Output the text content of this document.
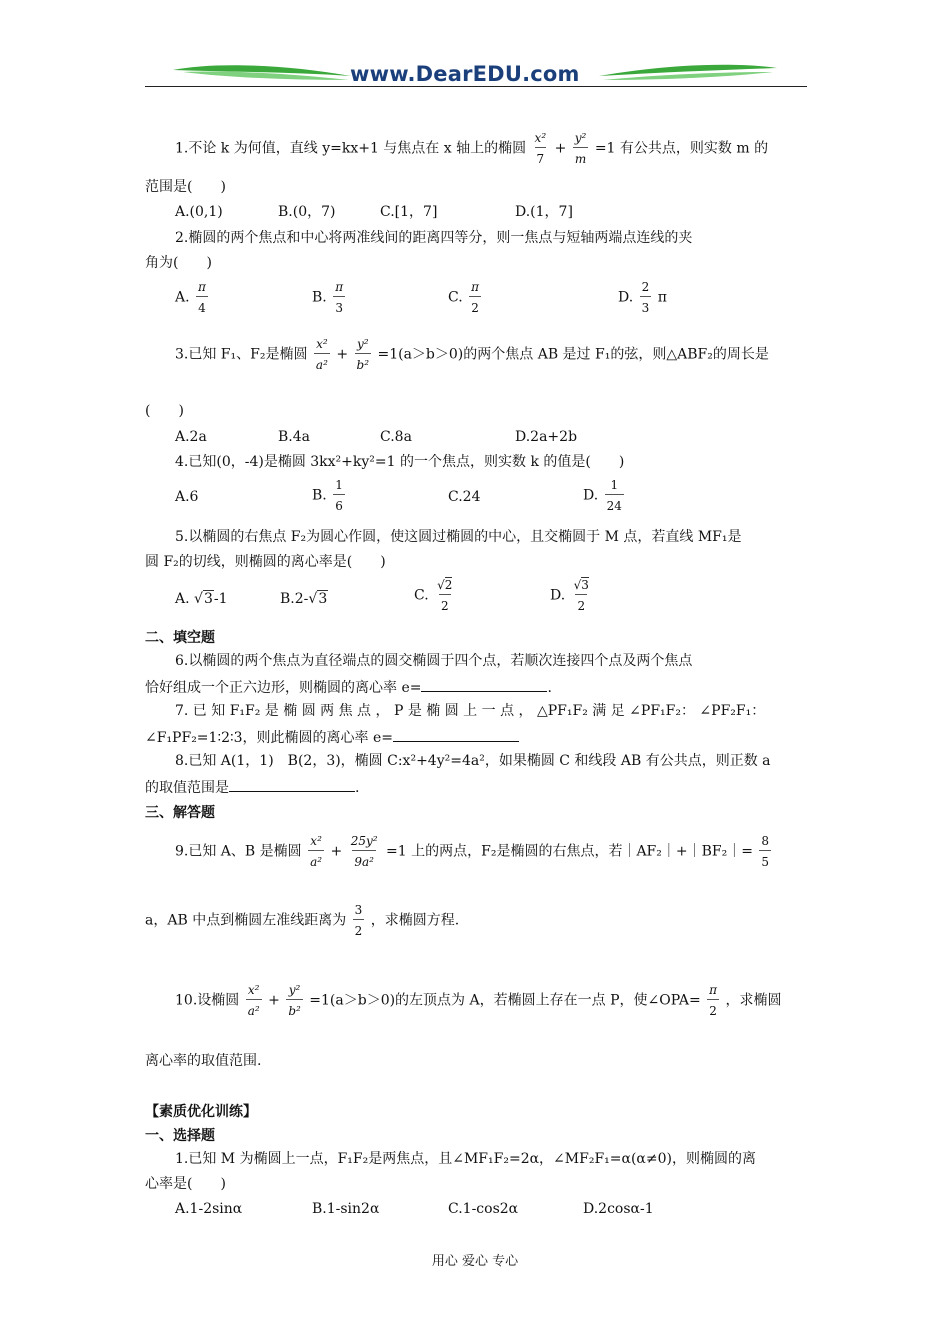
www.DearEDU.com
1.不论 k 为何值，直线 y=kx+1 与焦点在 x 轴上的椭圆 $\frac{\text{x²}}{7} + \frac{\text{y²}}{m} =1$ 有公共点，则实数 m 的
范围是(　　)
A.(0,1)	B.(0，7)	C.[1，7]	D.(1，7]
2.椭圆的两个焦点和中心将两准线间的距离四等分，则一焦点与短轴两端点连线的夹
角为(　　)
A. $\frac{\pi}{4}$	B. $\frac{\pi}{3}$	C. $\frac{\pi}{2}$	D. $\frac{2}{3}$ π
3.已知 F₁、F₂是椭圆 $\frac{\text{x²}}{\text{a²}} + \frac{\text{y²}}{\text{b²}} =1(a>b>0)$的两个焦点 AB 是过 F₁的弦，则△ABF₂的周长是
(　　)
A.2a	B.4a	C.8a	D.2a+2b
4.已知(0，-4)是椭圆 3kx²+ky²=1 的一个焦点，则实数 k 的值是(　　)
A.6	B. $\frac{1}{6}$	C.24	D. $\frac{1}{24}$
5.以椭圆的右焦点 F₂为圆心作圆，使这圆过椭圆的中心，且交椭圆于 M 点，若直线 MF₁是
圆 F₂的切线，则椭圆的离心率是(　　)
A. √3-1	B.2-√3	C. $\frac{√2}{2}$	D. $\frac{√3}{2}$
二、填空题
6.以椭圆的两个焦点为直径端点的圆交椭圆于四个点，若顺次连接四个点及两个焦点
恰好组成一个正六边形，则椭圆的离心率 e=	.
7. 已 知 F₁F₂ 是 椭 圆 两 焦 点 ， P 是 椭 圆 上 一 点 ， △PF₁F₂ 满 足 ∠PF₁F₂： ∠PF₂F₁：
∠F₁PF₂=1∶2∶3，则此椭圆的离心率 e=
8.已知 A(1，1)　B(2，3)，椭圆 C:x²+4y²=4a²，如果椭圆 C 和线段 AB 有公共点，则正数 a
的取值范围是	.
三、解答题
9.已知 A、B 是椭圆 $\frac{\text{x²}}{\text{a²}} + \frac{\text{25y²}}{\text{9a²}} =1$ 上的两点，F₂是椭圆的右焦点，若｜AF₂｜+｜BF₂｜= $\frac{8}{5}$
a，AB 中点到椭圆左准线距离为 $\frac{3}{2}$ ，求椭圆方程.
10.设椭圆 $\frac{\text{x²}}{\text{a²}} + \frac{\text{y²}}{\text{b²}} =1(a>b>0)$的左顶点为 A，若椭圆上存在一点 P，使∠OPA= $\frac{\pi}{2}$ ，求椭圆
离心率的取值范围.
【素质优化训练】
一、选择题
1.已知 M 为椭圆上一点，F₁F₂是两焦点，且∠MF₁F₂=2α，∠MF₂F₁=α(α≠0)，则椭圆的离
心率是(　　)
A.1-2sinα	B.1-sin2α	C.1-cos2α	D.2cosα-1
用心 爱心 专心
